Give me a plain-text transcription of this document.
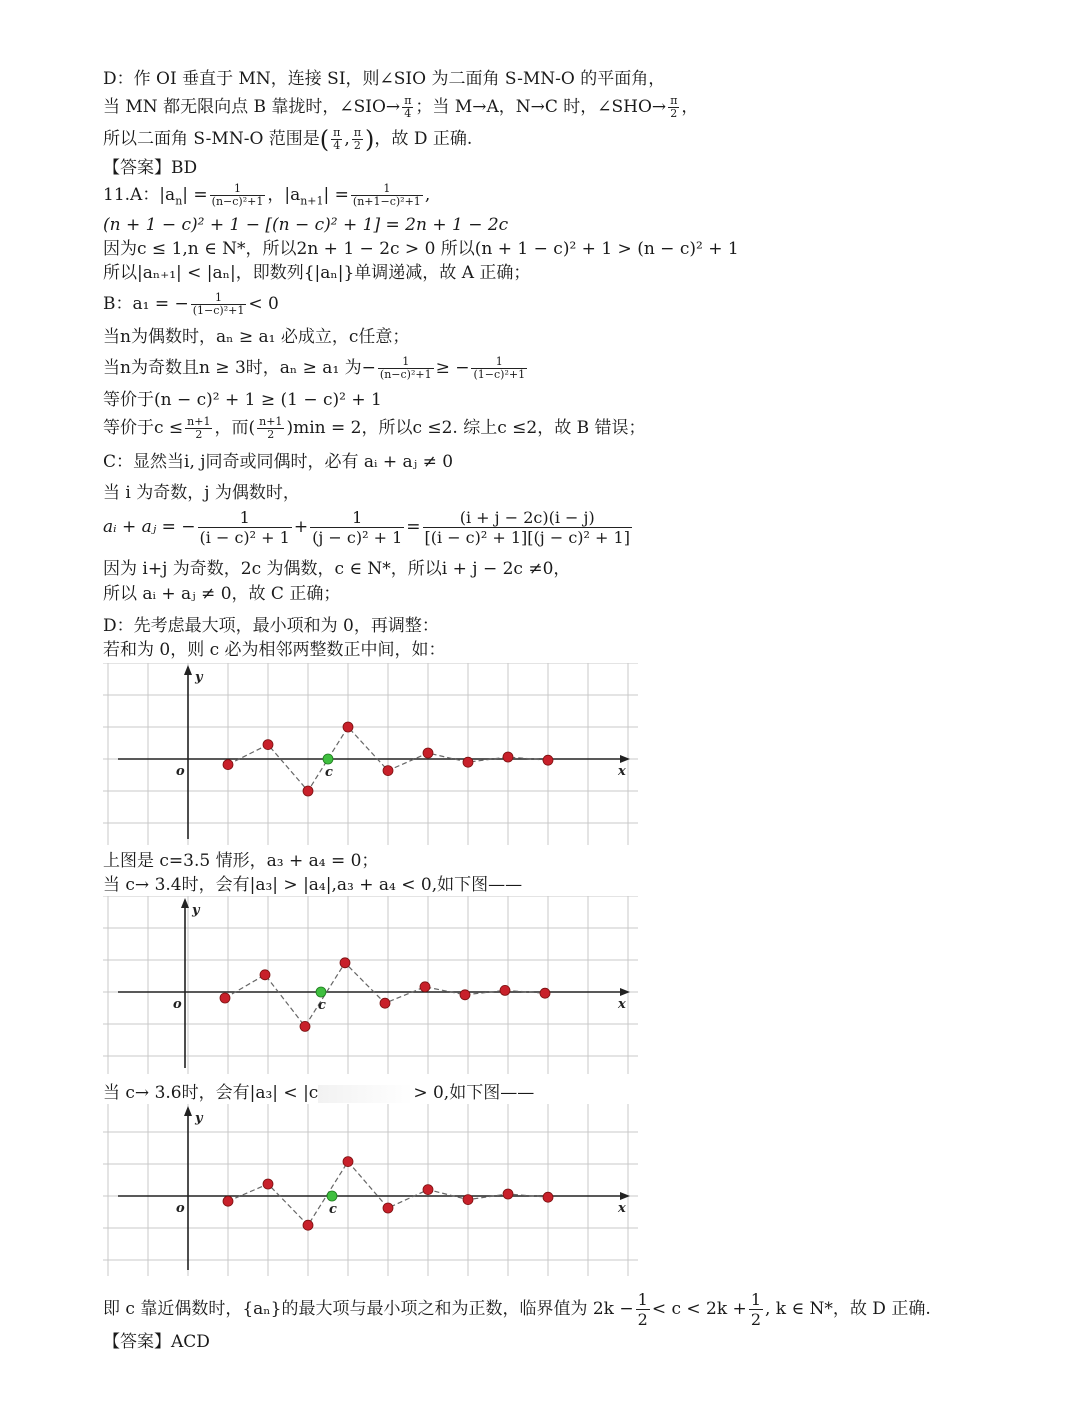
D：作 OI 垂直于 MN，连接 SI，则∠SIO 为二面角 S-MN-O 的平面角，
当 MN 都无限向点 B 靠拢时，∠SIO→ $\frac{\pi}{4}$ ；当 M→A，N→C 时，∠SHO→ $\frac{\pi}{2}$ ，
所以二面角 S-MN-O 范围是( $\frac{\pi}{4}$ , $\frac{\pi}{2}$ )，故 D 正确.
【答案】BD
11.A：$|a_n| = \frac{1}{\text{(n−c)²+1}}$ ，$|a_{n+1}| = \frac{1}{\text{(n+1−c)²+1}}$ ,
(n + 1 − c)² + 1 − [(n − c)² + 1] = 2n + 1 − 2c
因为c ≤ 1,n ∈ N*，所以2n + 1 − 2c > 0 所以(n + 1 − c)² + 1 > (n − c)² + 1
所以|aₙ₊₁| < |aₙ|，即数列{|aₙ|}单调递减，故 A 正确；
B：a₁ = − $\frac{1}{\text{(1−c)²+1}} < 0$
当n为偶数时，aₙ ≥ a₁ 必成立，c任意；
当n为奇数且n ≥ 3时，aₙ ≥ a₁ 为− $\frac{1}{\text{(n−c)²+1}}$ ≥ − $\frac{1}{\text{(1−c)²+1}}$
等价于(n − c)² + 1 ≥ (1 − c)² + 1
等价于$c \le \frac{n+1}{2}$ ，而( $\frac{n+1}{2} )\min = 2$，所以c ≤2. 综上c ≤2，故 B 错误；
C：显然当i, j同奇或同偶时，必有 aᵢ + aⱼ ≠ 0
当 i 为奇数，j 为偶数时，
aᵢ + aⱼ = − $\frac{1}{\text{(i − c)² + 1}} + \frac{1}{\text{(j − c)² + 1}} = \frac{(i + j - 2c)(i - j)}{\text{[(i − c)² + 1][(j − c)² + 1]}}$
因为 i+j 为奇数，2c 为偶数，c ∈ N*，所以i + j − 2c ≠0，
所以 aᵢ + aⱼ ≠ 0，故 C 正确；
D：先考虑最大项，最小项和为 0，再调整：
若和为 0，则 c 必为相邻两整数正中间，如：
y
x
o	c
上图是 c=3.5 情形，a₃ + a₄ = 0；
当 c→ 3.4时，会有|a₃| > |a₄|,a₃ + a₄ < 0,如下图——
y
x
o	c
当 c→ 3.6时，会有|a₃| < |c	> 0,如下图——
y
x
o	c
即 c 靠近偶数时，{aₙ}的最大项与最小项之和为正数，临界值为 $2k - \frac{1}{2} < c < 2k + \frac{1}{2}$ , k ∈ N*，故 D 正确.
【答案】ACD
